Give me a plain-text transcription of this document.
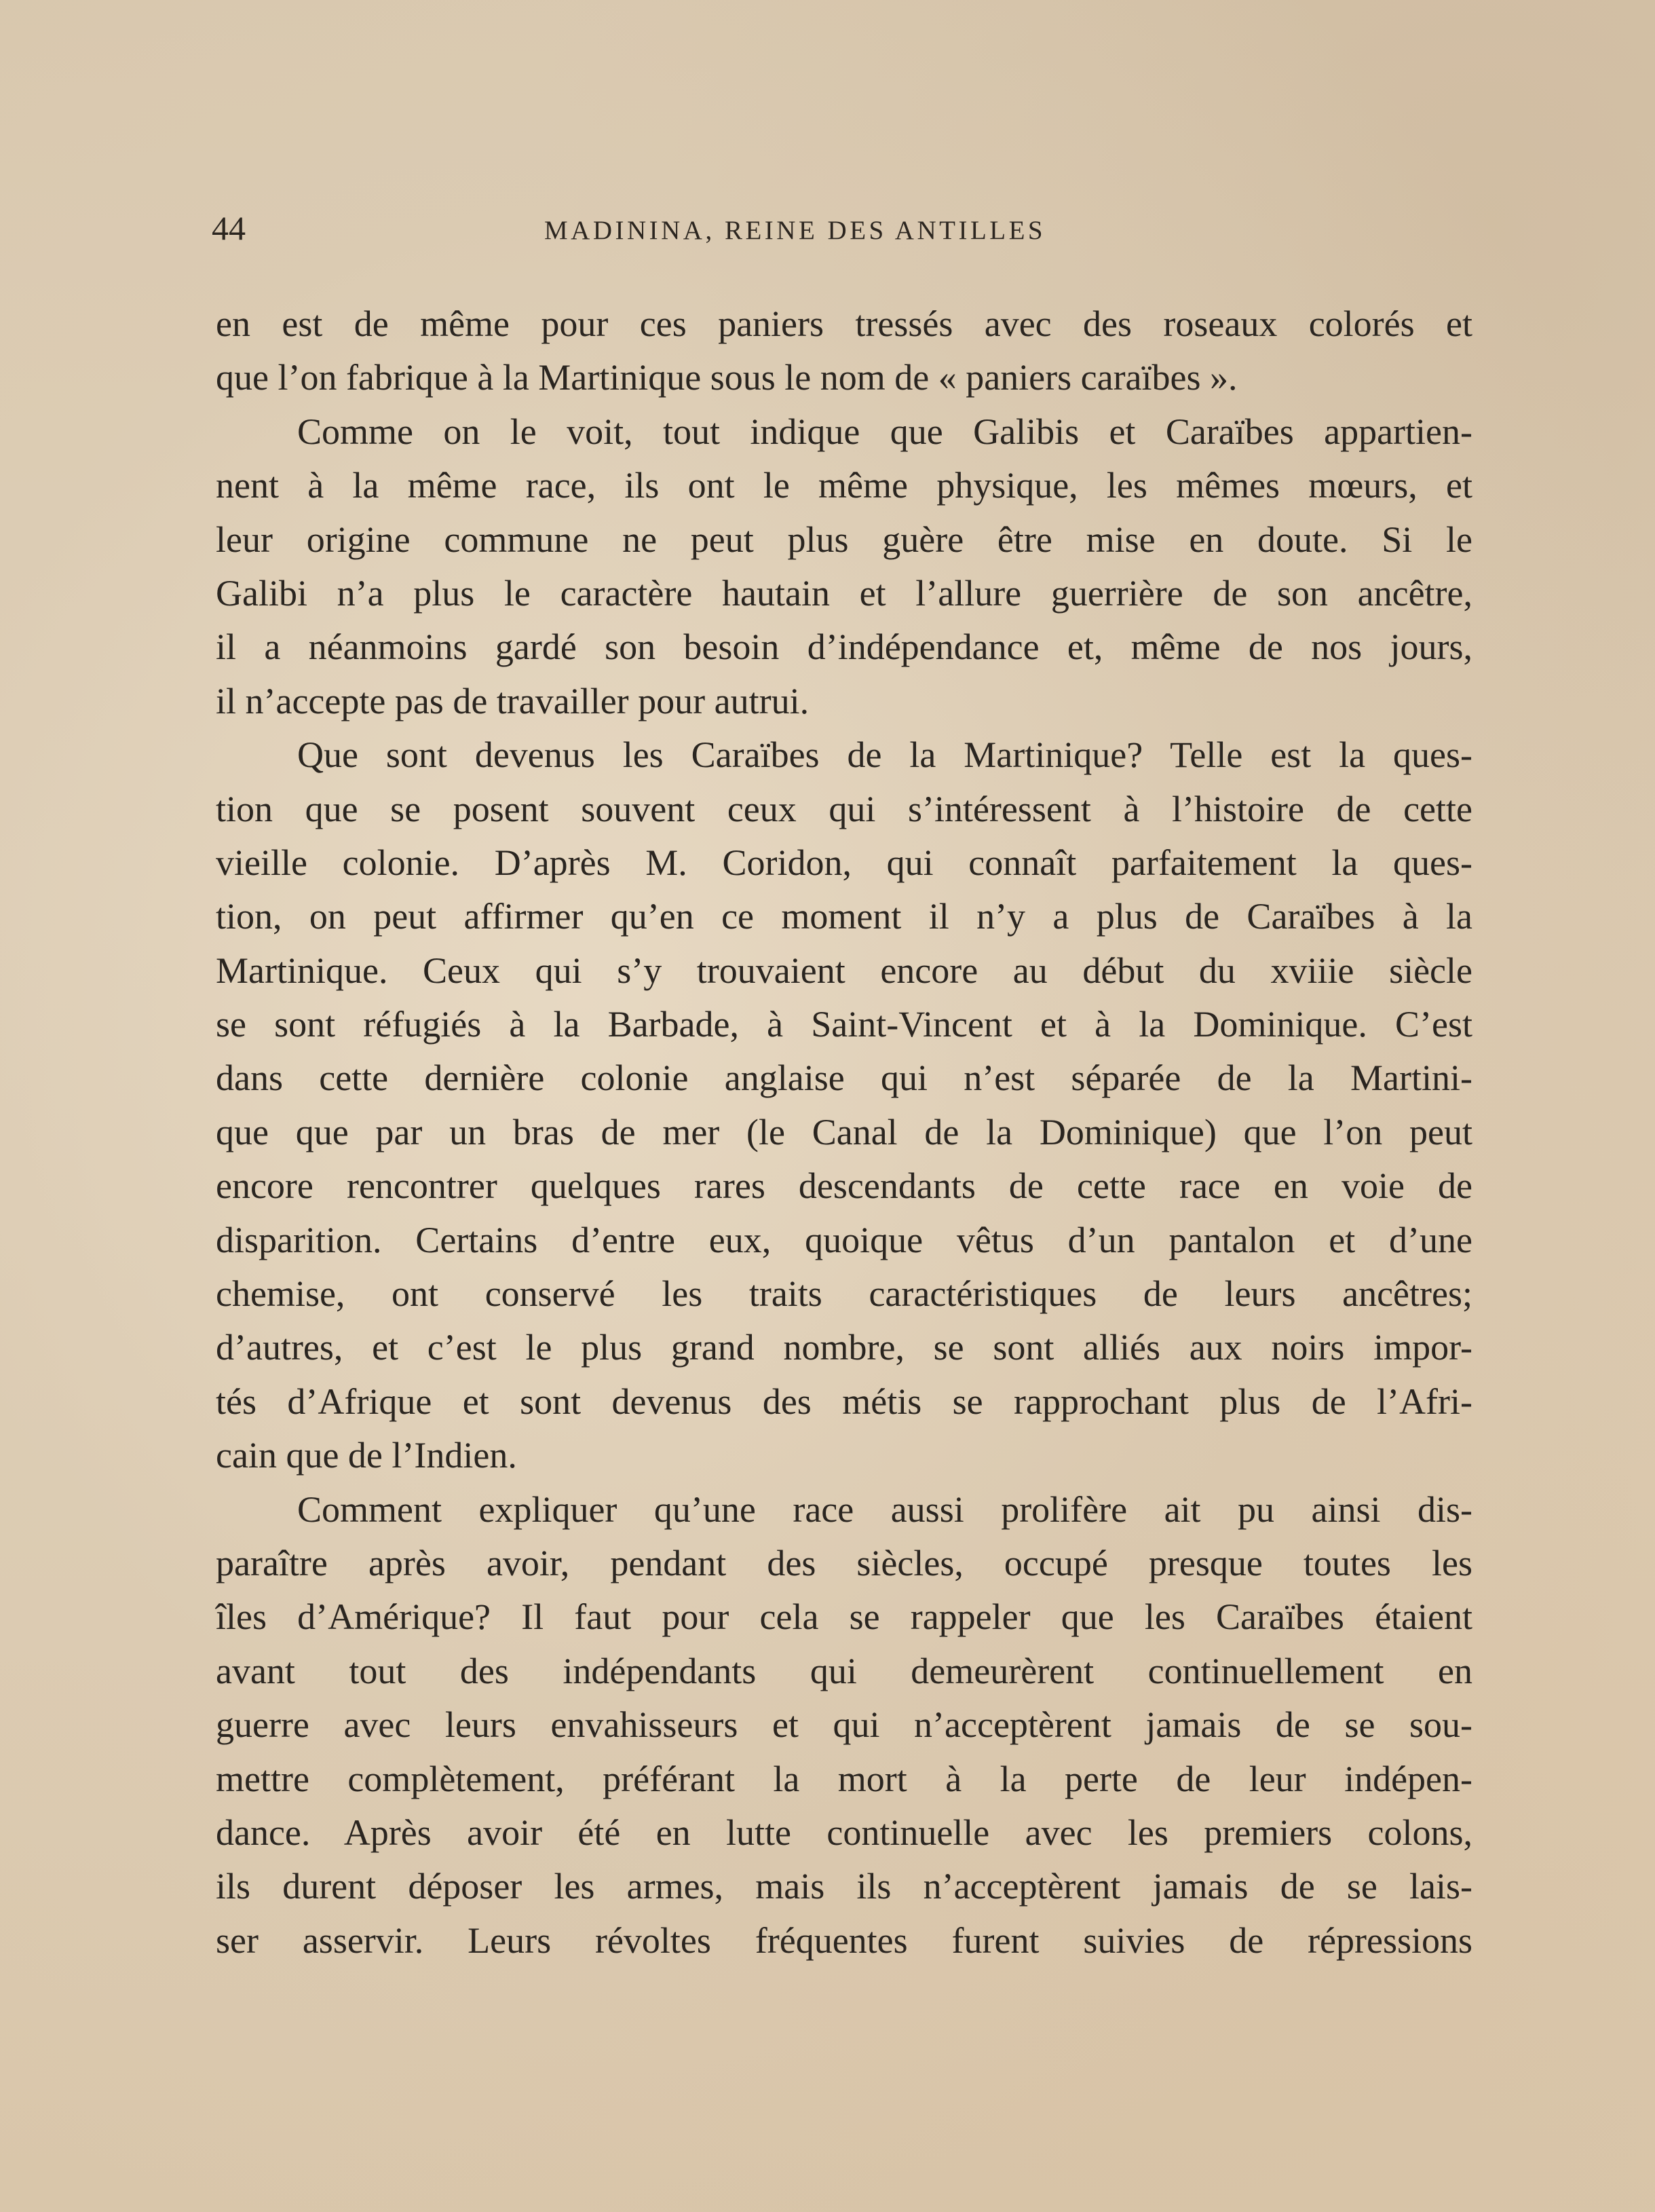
44	MADININA, REINE DES ANTILLES
en est de même pour ces paniers tressés avec des roseaux colorés et
que l’on fabrique à la Martinique sous le nom de « paniers caraïbes ».
Comme on le voit, tout indique que Galibis et Caraïbes appartien-
nent à la même race, ils ont le même physique, les mêmes mœurs, et
leur origine commune ne peut plus guère être mise en doute. Si le
Galibi n’a plus le caractère hautain et l’allure guerrière de son ancêtre,
il a néanmoins gardé son besoin d’indépendance et, même de nos jours,
il n’accepte pas de travailler pour autrui.
Que sont devenus les Caraïbes de la Martinique? Telle est la ques-
tion que se posent souvent ceux qui s’intéressent à l’histoire de cette
vieille colonie. D’après M. Coridon, qui connaît parfaitement la ques-
tion, on peut affirmer qu’en ce moment il n’y a plus de Caraïbes à la
Martinique. Ceux qui s’y trouvaient encore au début du xviiie siècle
se sont réfugiés à la Barbade, à Saint-Vincent et à la Dominique. C’est
dans cette dernière colonie anglaise qui n’est séparée de la Martini-
que que par un bras de mer (le Canal de la Dominique) que l’on peut
encore rencontrer quelques rares descendants de cette race en voie de
disparition. Certains d’entre eux, quoique vêtus d’un pantalon et d’une
chemise, ont conservé les traits caractéristiques de leurs ancêtres;
d’autres, et c’est le plus grand nombre, se sont alliés aux noirs impor-
tés d’Afrique et sont devenus des métis se rapprochant plus de l’Afri-
cain que de l’Indien.
Comment expliquer qu’une race aussi prolifère ait pu ainsi dis-
paraître après avoir, pendant des siècles, occupé presque toutes les
îles d’Amérique? Il faut pour cela se rappeler que les Caraïbes étaient
avant tout des indépendants qui demeurèrent continuellement en
guerre avec leurs envahisseurs et qui n’acceptèrent jamais de se sou-
mettre complètement, préférant la mort à la perte de leur indépen-
dance. Après avoir été en lutte continuelle avec les premiers colons,
ils durent déposer les armes, mais ils n’acceptèrent jamais de se lais-
ser asservir. Leurs révoltes fréquentes furent suivies de répressions
